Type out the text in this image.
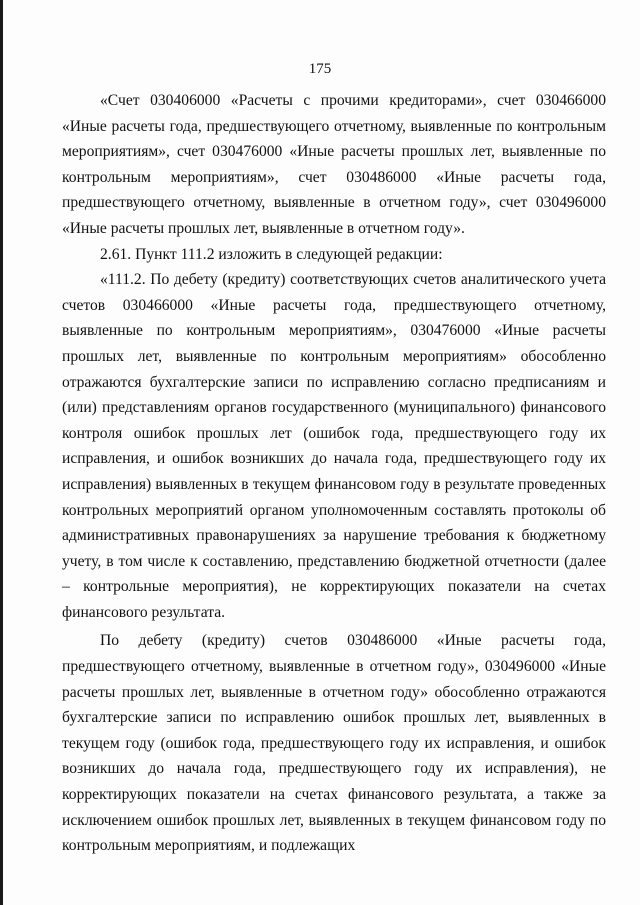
175

«Счет 030406000 «Расчеты с прочими кредиторами», счет 030466000 «Иные расчеты года, предшествующего отчетному, выявленные по контрольным мероприятиям», счет 030476000 «Иные расчеты прошлых лет, выявленные по контрольным мероприятиям», счет 030486000 «Иные расчеты года, предшествующего отчетному, выявленные в отчетном году», счет 030496000 «Иные расчеты прошлых лет, выявленные в отчетном году».

2.61. Пункт 111.2 изложить в следующей редакции:

«111.2. По дебету (кредиту) соответствующих счетов аналитического учета счетов 030466000 «Иные расчеты года, предшествующего отчетному, выявленные по контрольным мероприятиям», 030476000 «Иные расчеты прошлых лет, выявленные по контрольным мероприятиям» обособленно отражаются бухгалтерские записи по исправлению согласно предписаниям и (или) представлениям органов государственного (муниципального) финансового контроля ошибок прошлых лет (ошибок года, предшествующего году их исправления, и ошибок возникших до начала года, предшествующего году их исправления) выявленных в текущем финансовом году в результате проведенных контрольных мероприятий органом уполномоченным составлять протоколы об административных правонарушениях за нарушение требования к бюджетному учету, в том числе к составлению, представлению бюджетной отчетности (далее – контрольные мероприятия), не корректирующих показатели на счетах финансового результата.

По дебету (кредиту) счетов 030486000 «Иные расчеты года, предшествующего отчетному, выявленные в отчетном году», 030496000 «Иные расчеты прошлых лет, выявленные в отчетном году» обособленно отражаются бухгалтерские записи по исправлению ошибок прошлых лет, выявленных в текущем году (ошибок года, предшествующего году их исправления, и ошибок возникших до начала года, предшествующего году их исправления), не корректирующих показатели на счетах финансового результата, а также за исключением ошибок прошлых лет, выявленных в текущем финансовом году по контрольным мероприятиям, и подлежащих
